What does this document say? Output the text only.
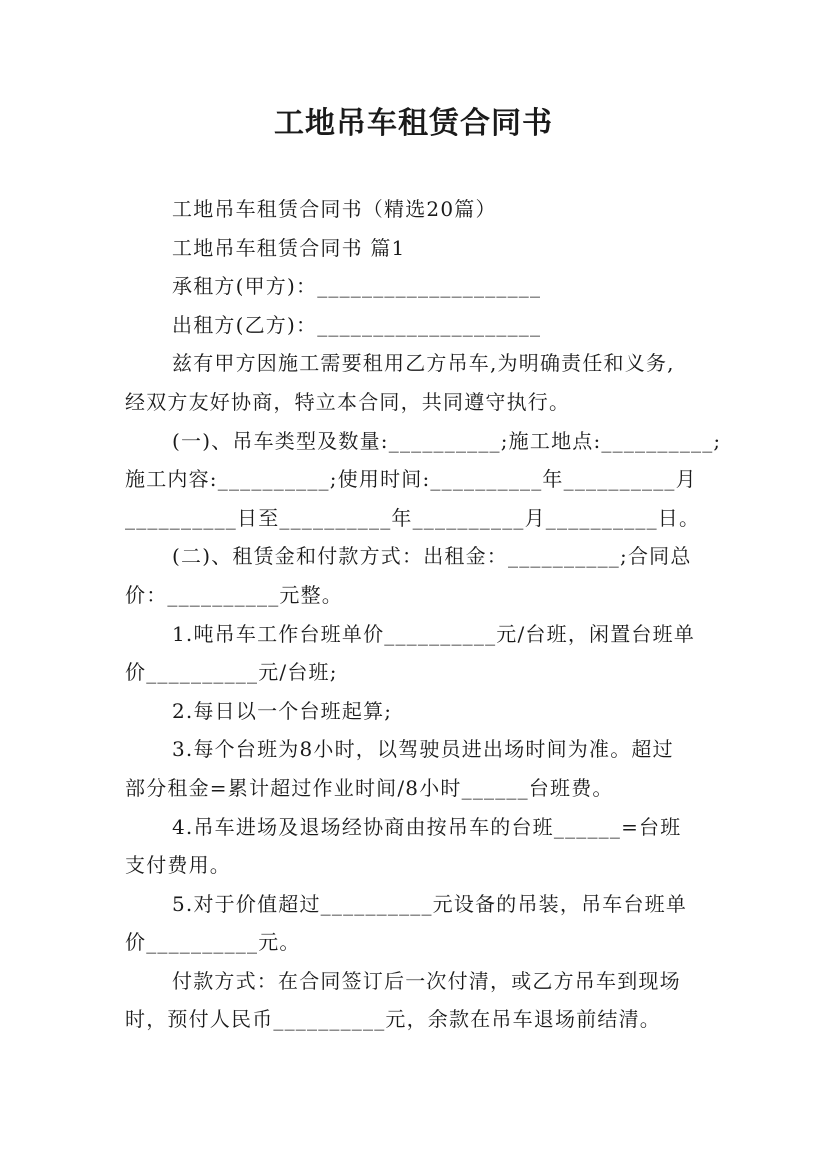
工地吊车租赁合同书
工地吊车租赁合同书（精选20篇）
工地吊车租赁合同书 篇1
承租方(甲方)：____________________
出租方(乙方)：____________________
兹有甲方因施工需要租用乙方吊车,为明确责任和义务,
经双方友好协商，特立本合同，共同遵守执行。
(一)、吊车类型及数量:__________;施工地点:__________;
施工内容:__________;使用时间:__________年__________月
__________日至__________年__________月__________日。
(二)、租赁金和付款方式：出租金：__________;合同总
价：__________元整。
1.吨吊车工作台班单价__________元/台班，闲置台班单
价__________元/台班;
2.每日以一个台班起算;
3.每个台班为8小时，以驾驶员进出场时间为准。超过
部分租金=累计超过作业时间/8小时______台班费。
4.吊车进场及退场经协商由按吊车的台班______=台班
支付费用。
5.对于价值超过__________元设备的吊装，吊车台班单
价__________元。
付款方式：在合同签订后一次付清，或乙方吊车到现场
时，预付人民币__________元，余款在吊车退场前结清。
